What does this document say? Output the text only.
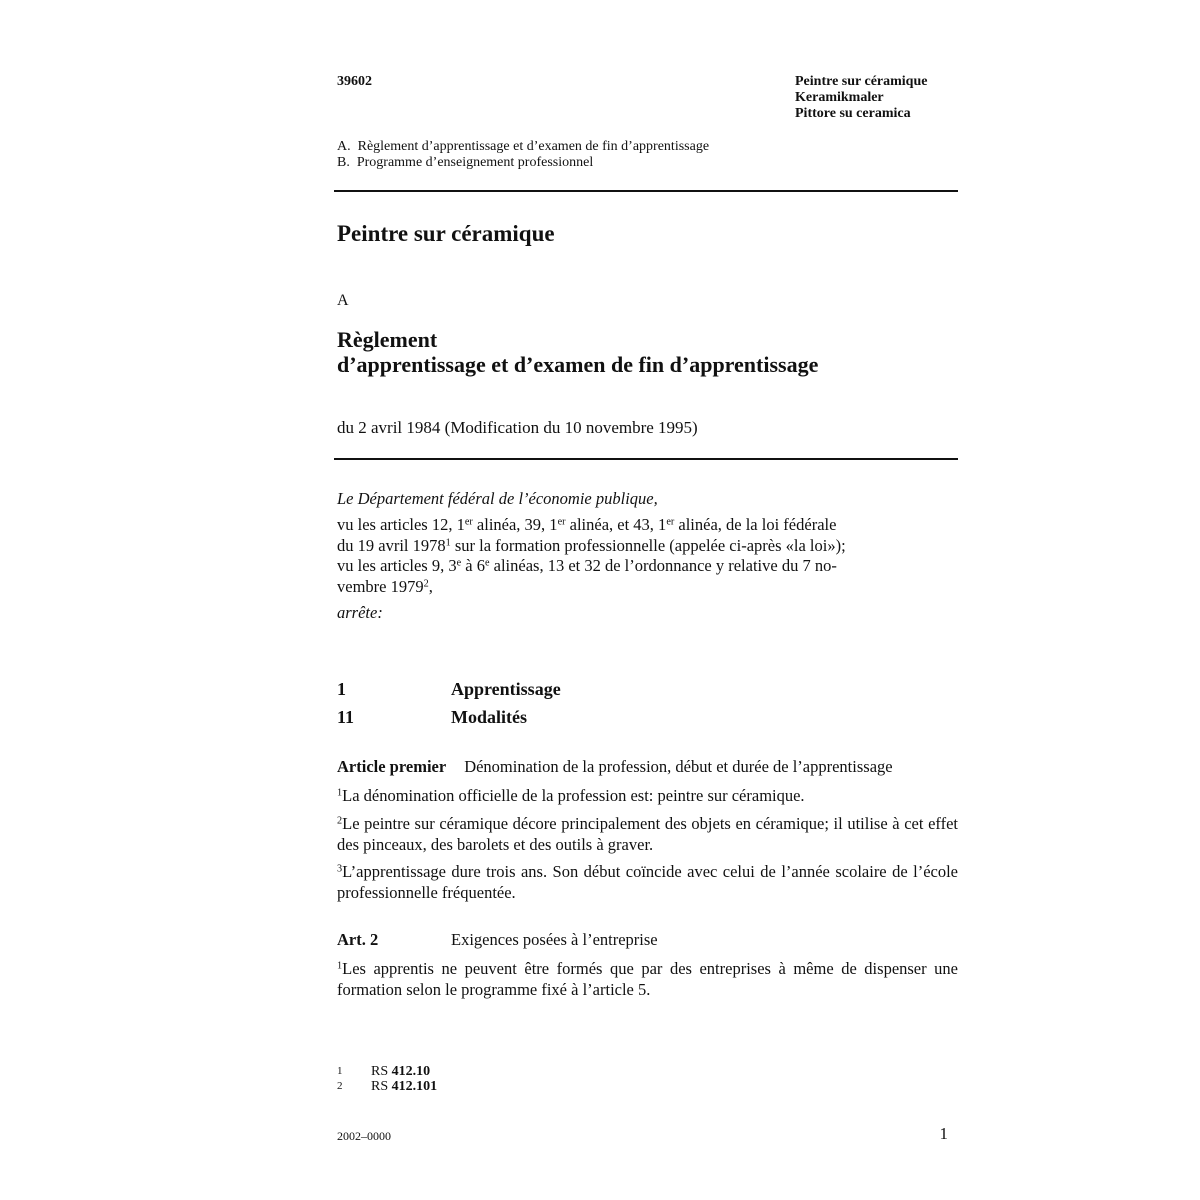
39602	Peintre sur céramique
Keramikmaler
Pittore su ceramica
A.  Règlement d’apprentissage et d’examen de fin d’apprentissage
B.  Programme d’enseignement professionnel
Peintre sur céramique
A
Règlement
d’apprentissage et d’examen de fin d’apprentissage
du 2 avril 1984 (Modification du 10 novembre 1995)
Le Département fédéral de l’économie publique,
vu les articles 12, 1er alinéa, 39, 1er alinéa, et 43, 1er alinéa, de la loi fédérale
du 19 avril 1978$^1$ sur la formation professionnelle (appelée ci-après «la loi»);
vu les articles 9, 3e à 6e alinéas, 13 et 32 de l’ordonnance y relative du 7 no-
vembre 1979$^2$,
arrête:
1	Apprentissage
11	Modalités
Article premier Dénomination de la profession, début et durée de l’apprentissage
$^1$La dénomination officielle de la profession est: peintre sur céramique.
$^2$Le peintre sur céramique décore principalement des objets en céramique; il utilise à cet effet des pinceaux, des barolets et des outils à graver.
$^3$L’apprentissage dure trois ans. Son début coïncide avec celui de l’année scolaire de l’école professionnelle fréquentée.
Art. 2	Exigences posées à l’entreprise
$^1$Les apprentis ne peuvent être formés que par des entreprises à même de dispenser une formation selon le programme fixé à l’article 5.
1 RS 412.10
2 RS 412.101
2002–0000	1
